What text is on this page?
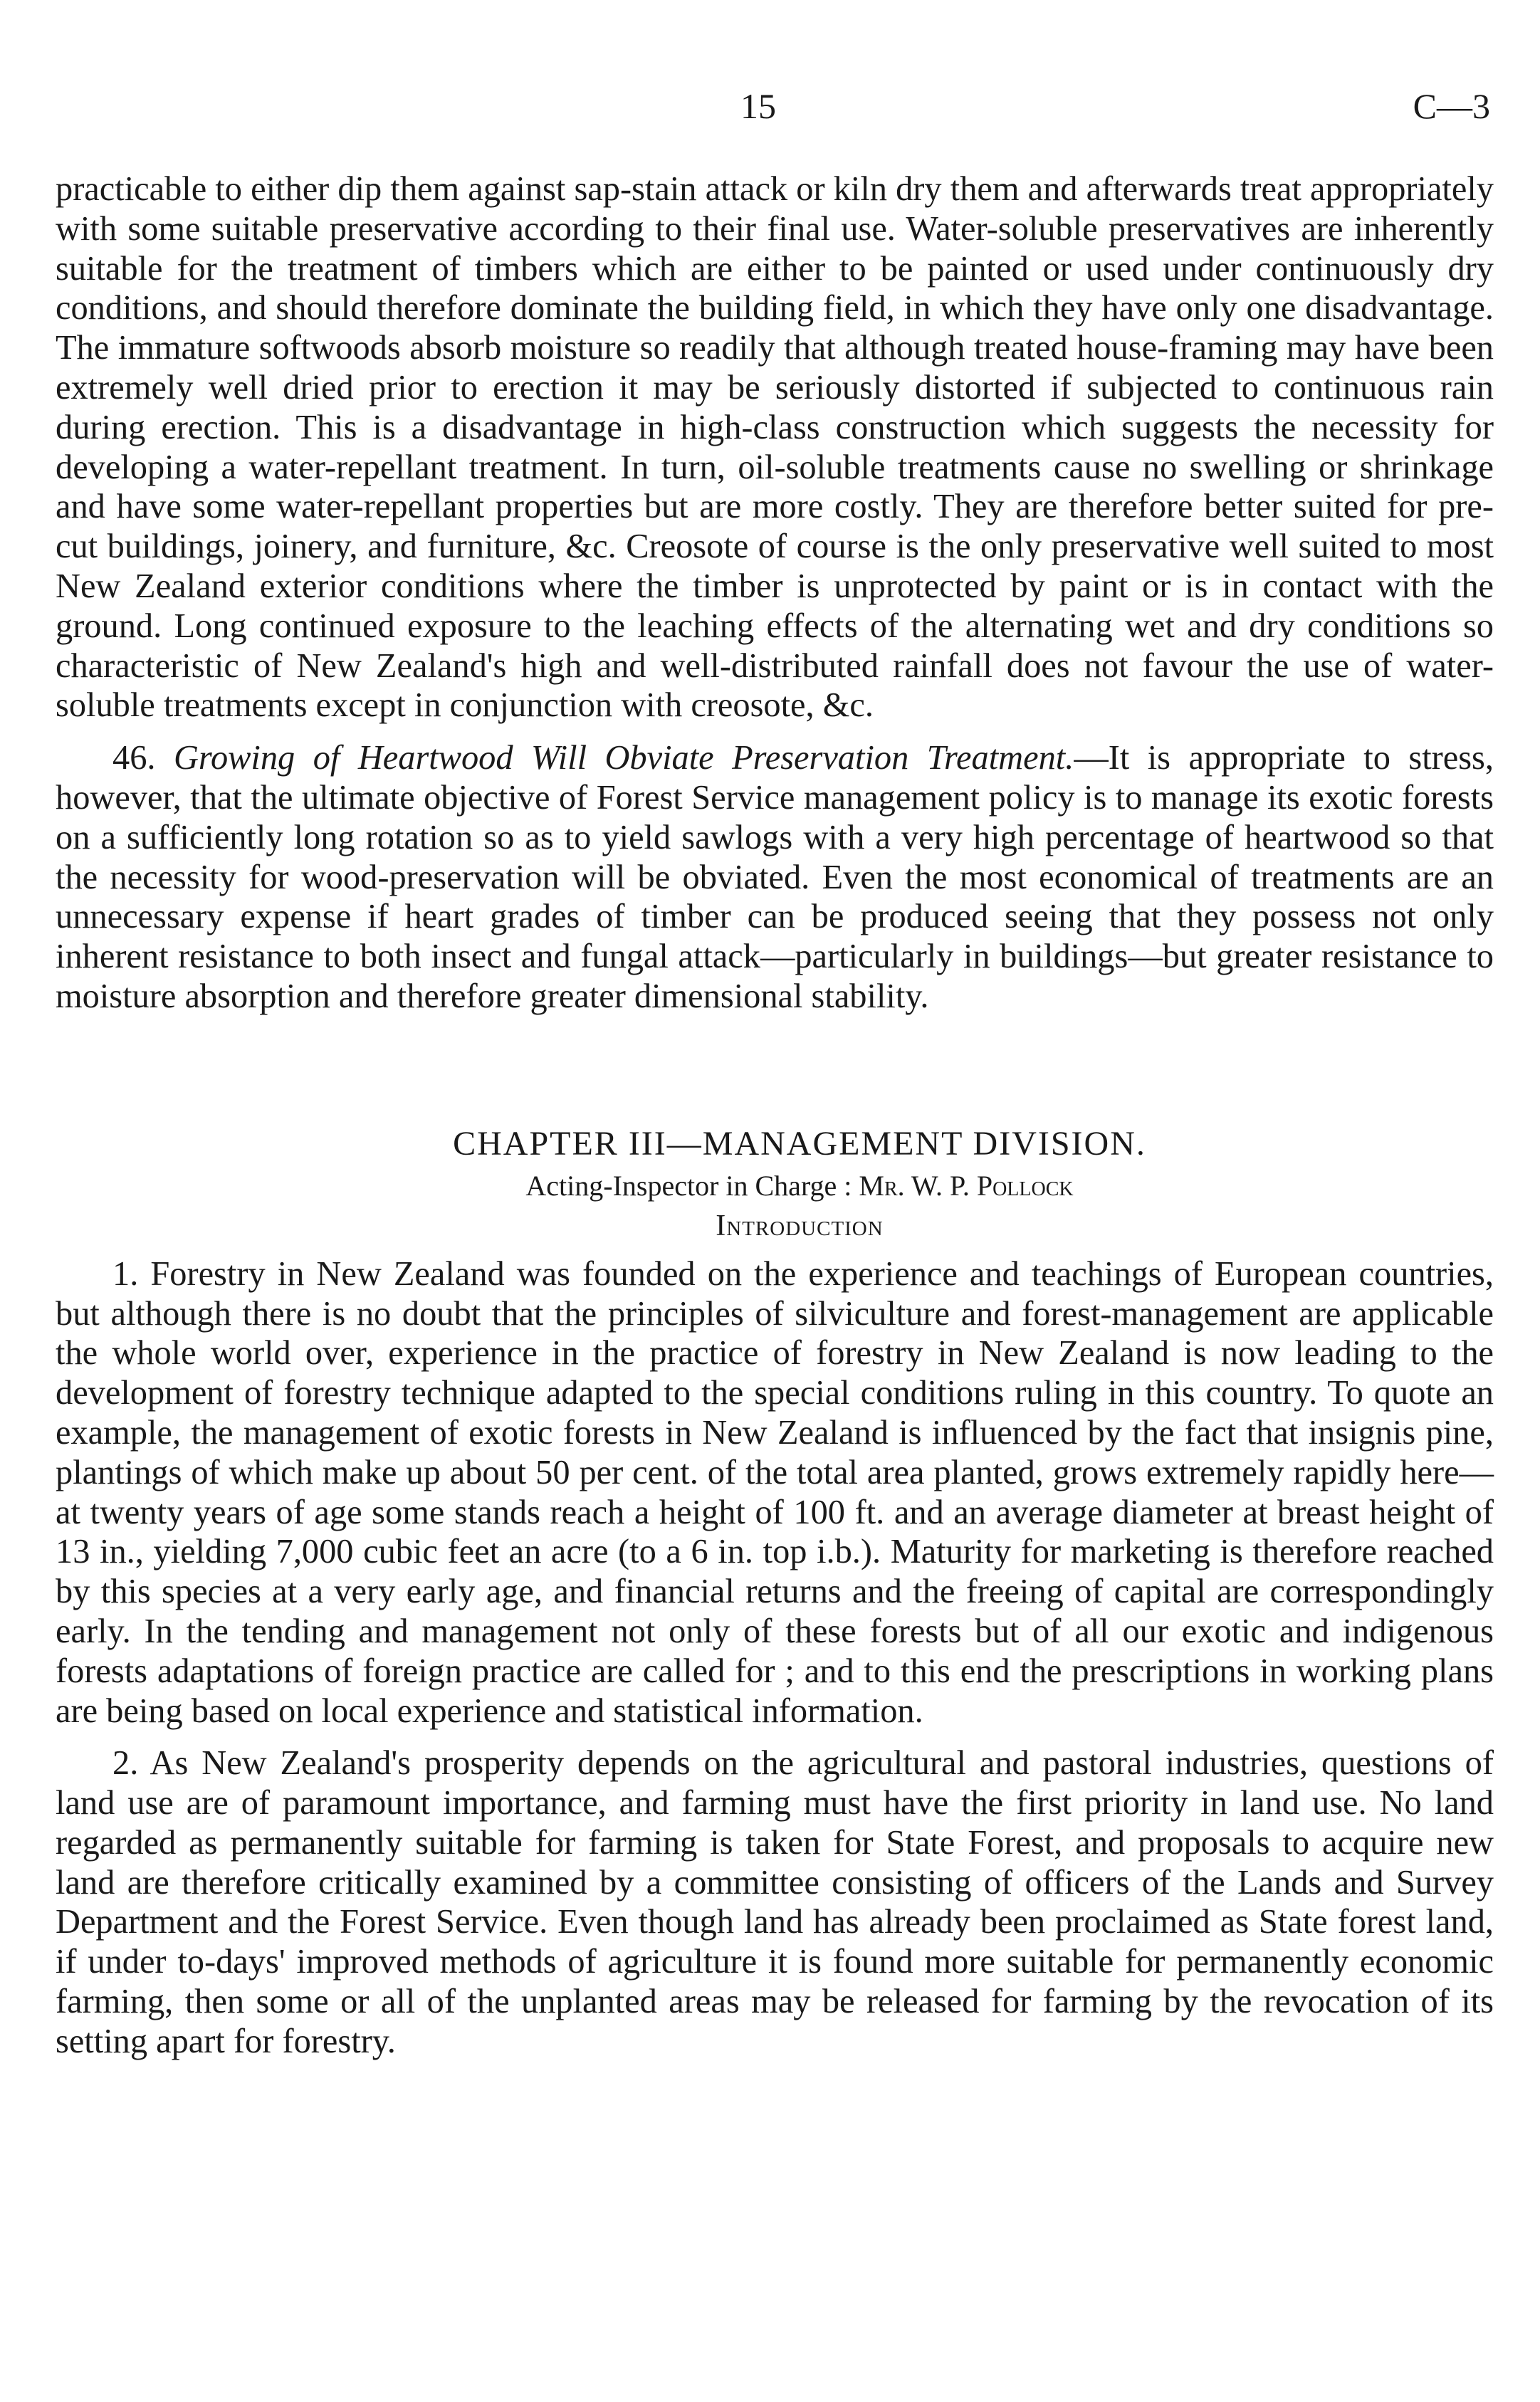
15	C—3

practicable to either dip them against sap-stain attack or kiln dry them and afterwards treat appropriately with some suitable preservative according to their final use. Water-soluble preservatives are inherently suitable for the treatment of timbers which are either to be painted or used under continuously dry conditions, and should therefore dominate the building field, in which they have only one disadvantage. The immature softwoods absorb moisture so readily that although treated house-framing may have been extremely well dried prior to erection it may be seriously distorted if subjected to continuous rain during erection. This is a disadvantage in high-class construction which suggests the necessity for developing a water-repellant treatment. In turn, oil-soluble treatments cause no swelling or shrinkage and have some water-repellant properties but are more costly. They are therefore better suited for pre-cut buildings, joinery, and furniture, &c. Creosote of course is the only preservative well suited to most New Zealand exterior conditions where the timber is unprotected by paint or is in contact with the ground. Long continued exposure to the leaching effects of the alternating wet and dry conditions so characteristic of New Zealand's high and well-distributed rainfall does not favour the use of water-soluble treatments except in conjunction with creosote, &c.

46. Growing of Heartwood Will Obviate Preservation Treatment.—It is appropriate to stress, however, that the ultimate objective of Forest Service management policy is to manage its exotic forests on a sufficiently long rotation so as to yield sawlogs with a very high percentage of heartwood so that the necessity for wood-preservation will be obviated. Even the most economical of treatments are an unnecessary expense if heart grades of timber can be produced seeing that they possess not only inherent resistance to both insect and fungal attack—particularly in buildings—but greater resistance to moisture absorption and therefore greater dimensional stability.

CHAPTER III—MANAGEMENT DIVISION.
Acting-Inspector in Charge : Mr. W. P. Pollock
Introduction

1. Forestry in New Zealand was founded on the experience and teachings of European countries, but although there is no doubt that the principles of silviculture and forest-management are applicable the whole world over, experience in the practice of forestry in New Zealand is now leading to the development of forestry technique adapted to the special conditions ruling in this country. To quote an example, the management of exotic forests in New Zealand is influenced by the fact that insignis pine, plantings of which make up about 50 per cent. of the total area planted, grows extremely rapidly here—at twenty years of age some stands reach a height of 100 ft. and an average diameter at breast height of 13 in., yielding 7,000 cubic feet an acre (to a 6 in. top i.b.). Maturity for marketing is therefore reached by this species at a very early age, and financial returns and the freeing of capital are correspondingly early. In the tending and management not only of these forests but of all our exotic and indigenous forests adaptations of foreign practice are called for ; and to this end the prescriptions in working plans are being based on local experience and statistical information.

2. As New Zealand's prosperity depends on the agricultural and pastoral industries, questions of land use are of paramount importance, and farming must have the first priority in land use. No land regarded as permanently suitable for farming is taken for State Forest, and proposals to acquire new land are therefore critically examined by a committee consisting of officers of the Lands and Survey Department and the Forest Service. Even though land has already been proclaimed as State forest land, if under to-days' improved methods of agriculture it is found more suitable for permanently economic farming, then some or all of the unplanted areas may be released for farming by the revocation of its setting apart for forestry.
